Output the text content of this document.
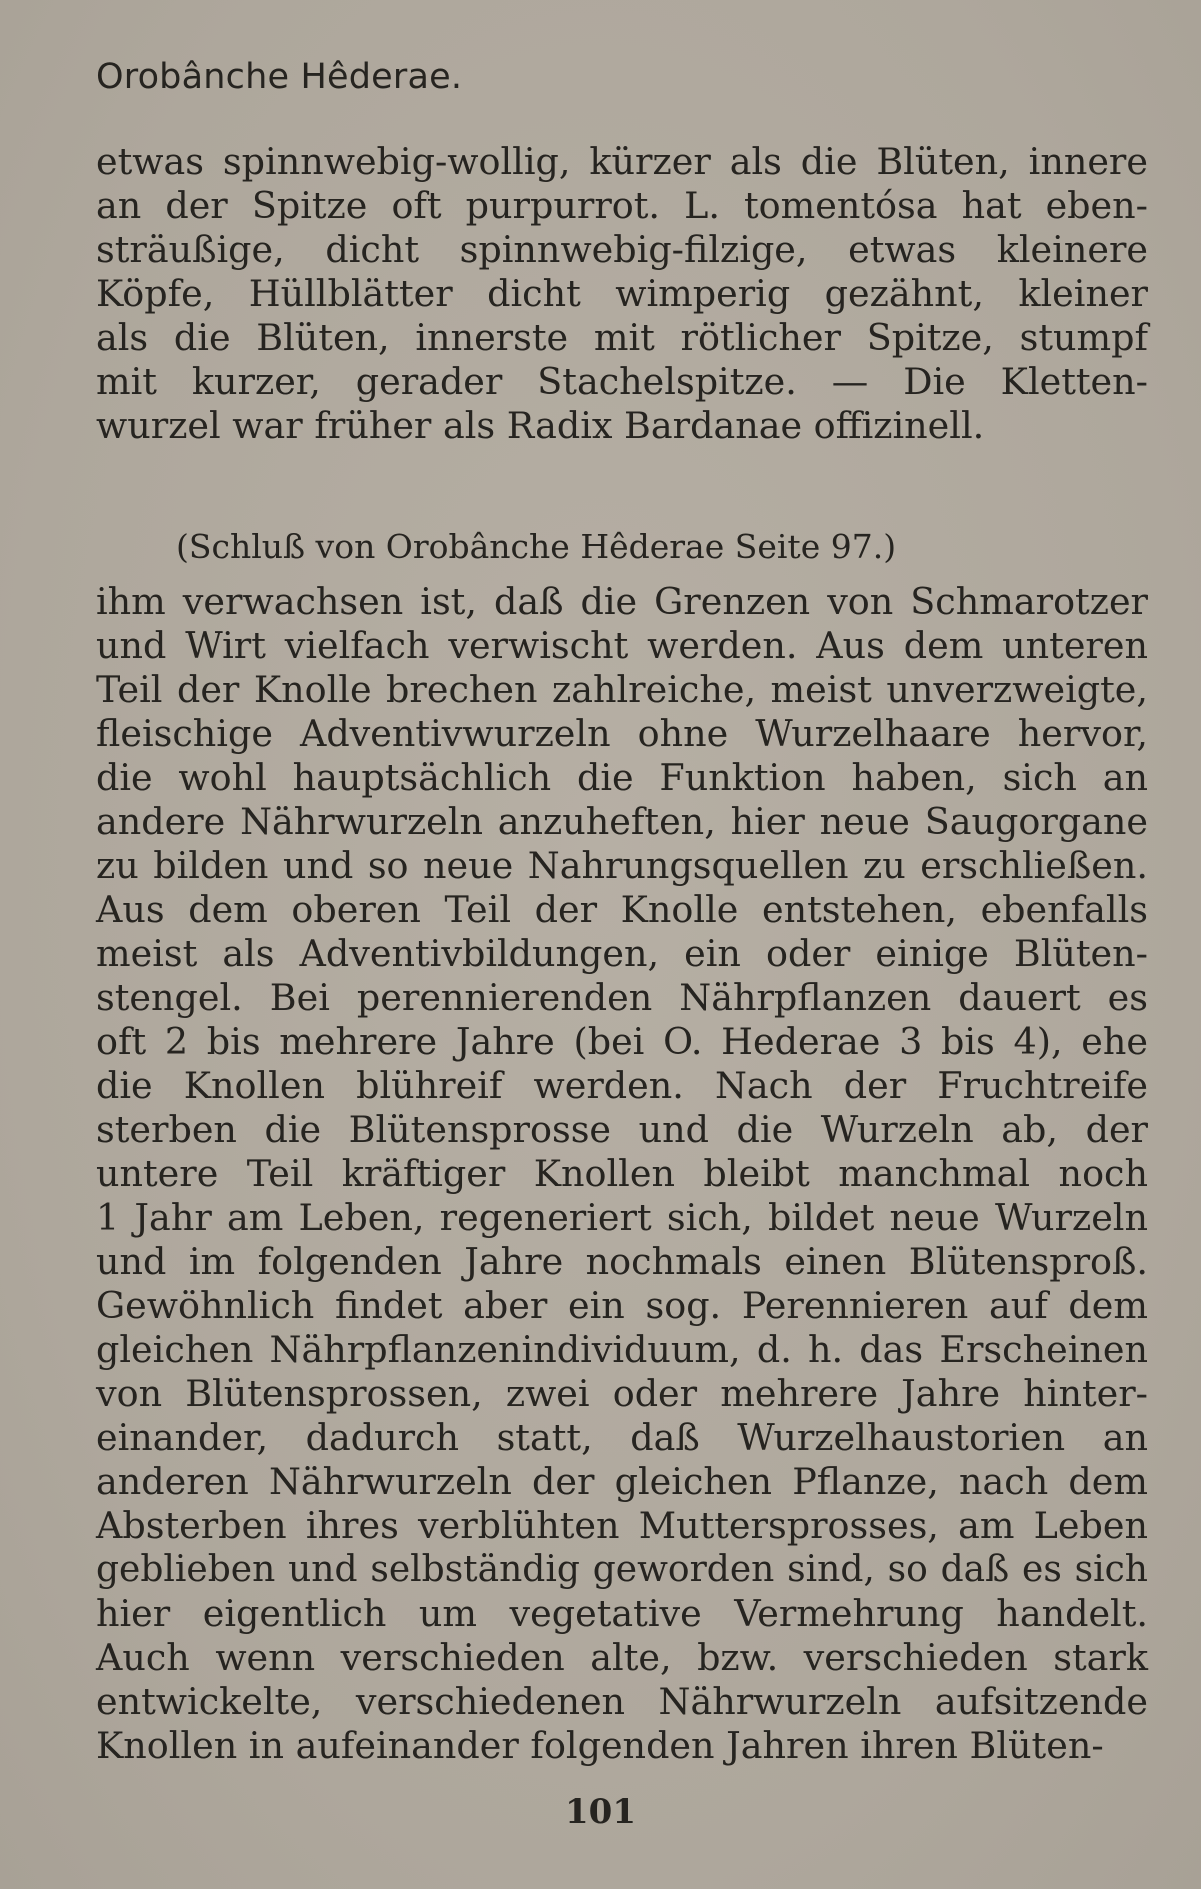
Orobânche Hêderae.
etwas spinnwebig-wollig, kürzer als die Blüten, innere
an der Spitze oft purpurrot. L. tomentósa hat eben-
sträußige, dicht spinnwebig-filzige, etwas kleinere
Köpfe, Hüllblätter dicht wimperig gezähnt, kleiner
als die Blüten, innerste mit rötlicher Spitze, stumpf
mit kurzer, gerader Stachelspitze. — Die Kletten-
wurzel war früher als Radix Bardanae offizinell.
(Schluß von Orobânche Hêderae Seite 97.)
ihm verwachsen ist, daß die Grenzen von Schmarotzer
und Wirt vielfach verwischt werden. Aus dem unteren
Teil der Knolle brechen zahlreiche, meist unverzweigte,
fleischige Adventivwurzeln ohne Wurzelhaare hervor,
die wohl hauptsächlich die Funktion haben, sich an
andere Nährwurzeln anzuheften, hier neue Saugorgane
zu bilden und so neue Nahrungsquellen zu erschließen.
Aus dem oberen Teil der Knolle entstehen, ebenfalls
meist als Adventivbildungen, ein oder einige Blüten-
stengel. Bei perennierenden Nährpflanzen dauert es
oft 2 bis mehrere Jahre (bei O. Hederae 3 bis 4), ehe
die Knollen blühreif werden. Nach der Fruchtreife
sterben die Blütensprosse und die Wurzeln ab, der
untere Teil kräftiger Knollen bleibt manchmal noch
1 Jahr am Leben, regeneriert sich, bildet neue Wurzeln
und im folgenden Jahre nochmals einen Blütensproß.
Gewöhnlich findet aber ein sog. Perennieren auf dem
gleichen Nährpflanzenindividuum, d. h. das Erscheinen
von Blütensprossen, zwei oder mehrere Jahre hinter-
einander, dadurch statt, daß Wurzelhaustorien an
anderen Nährwurzeln der gleichen Pflanze, nach dem
Absterben ihres verblühten Muttersprosses, am Leben
geblieben und selbständig geworden sind, so daß es sich
hier eigentlich um vegetative Vermehrung handelt.
Auch wenn verschieden alte, bzw. verschieden stark
entwickelte, verschiedenen Nährwurzeln aufsitzende
Knollen in aufeinander folgenden Jahren ihren Blüten-
101
